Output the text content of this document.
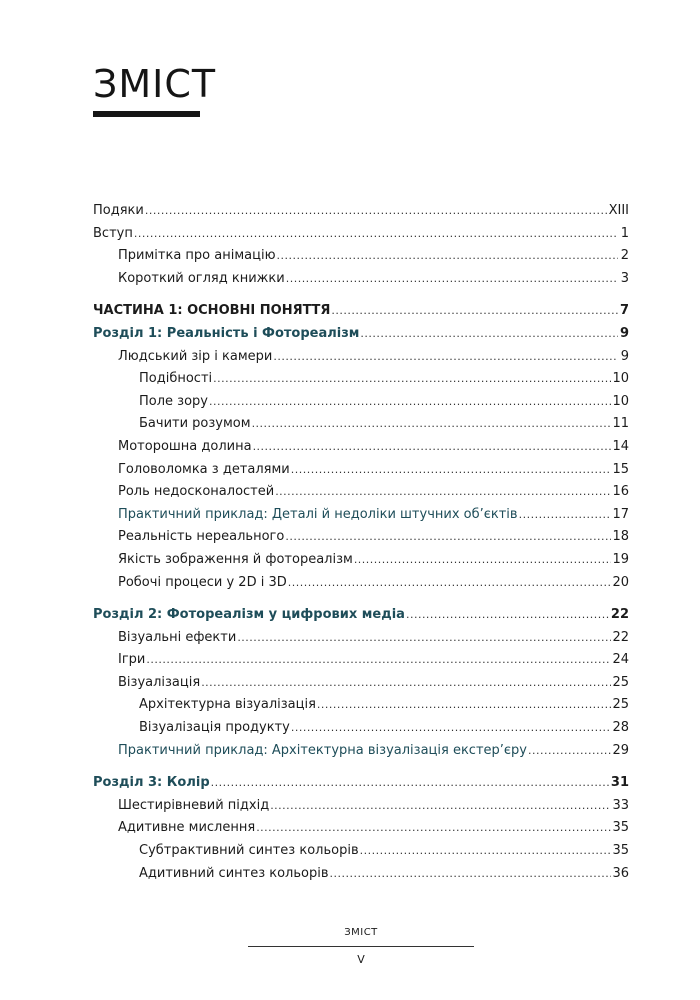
ЗМІСТ
Подяки .....	XIII
Вступ .....	1
Примітка про анімацію .....	2
Короткий огляд книжки .....	3
ЧАСТИНА 1: ОСНОВНІ ПОНЯТТЯ .....	7
Розділ 1: Реальність і Фотореалізм .....	9
Людський зір і камери .....	9
Подібності .....	10
Поле зору .....	10
Бачити розумом .....	11
Моторошна долина .....	14
Головоломка з деталями .....	15
Роль недосконалостей .....	16
Практичний приклад: Деталі й недоліки штучних об’єктів .....	17
Реальність нереального .....	18
Якість зображення й фотореалізм .....	19
Робочі процеси у 2D і 3D .....	20
Розділ 2: Фотореалізм у цифрових медіа .....	22
Візуальні ефекти .....	22
Ігри .....	24
Візуалізація .....	25
Архітектурна візуалізація .....	25
Візуалізація продукту .....	28
Практичний приклад: Архітектурна візуалізація екстер’єру .....	29
Розділ 3: Колір .....	31
Шестирівневий підхід .....	33
Адитивне мислення .....	35
Субтрактивний синтез кольорів .....	35
Адитивний синтез кольорів .....	36
ЗМІСТ
V
